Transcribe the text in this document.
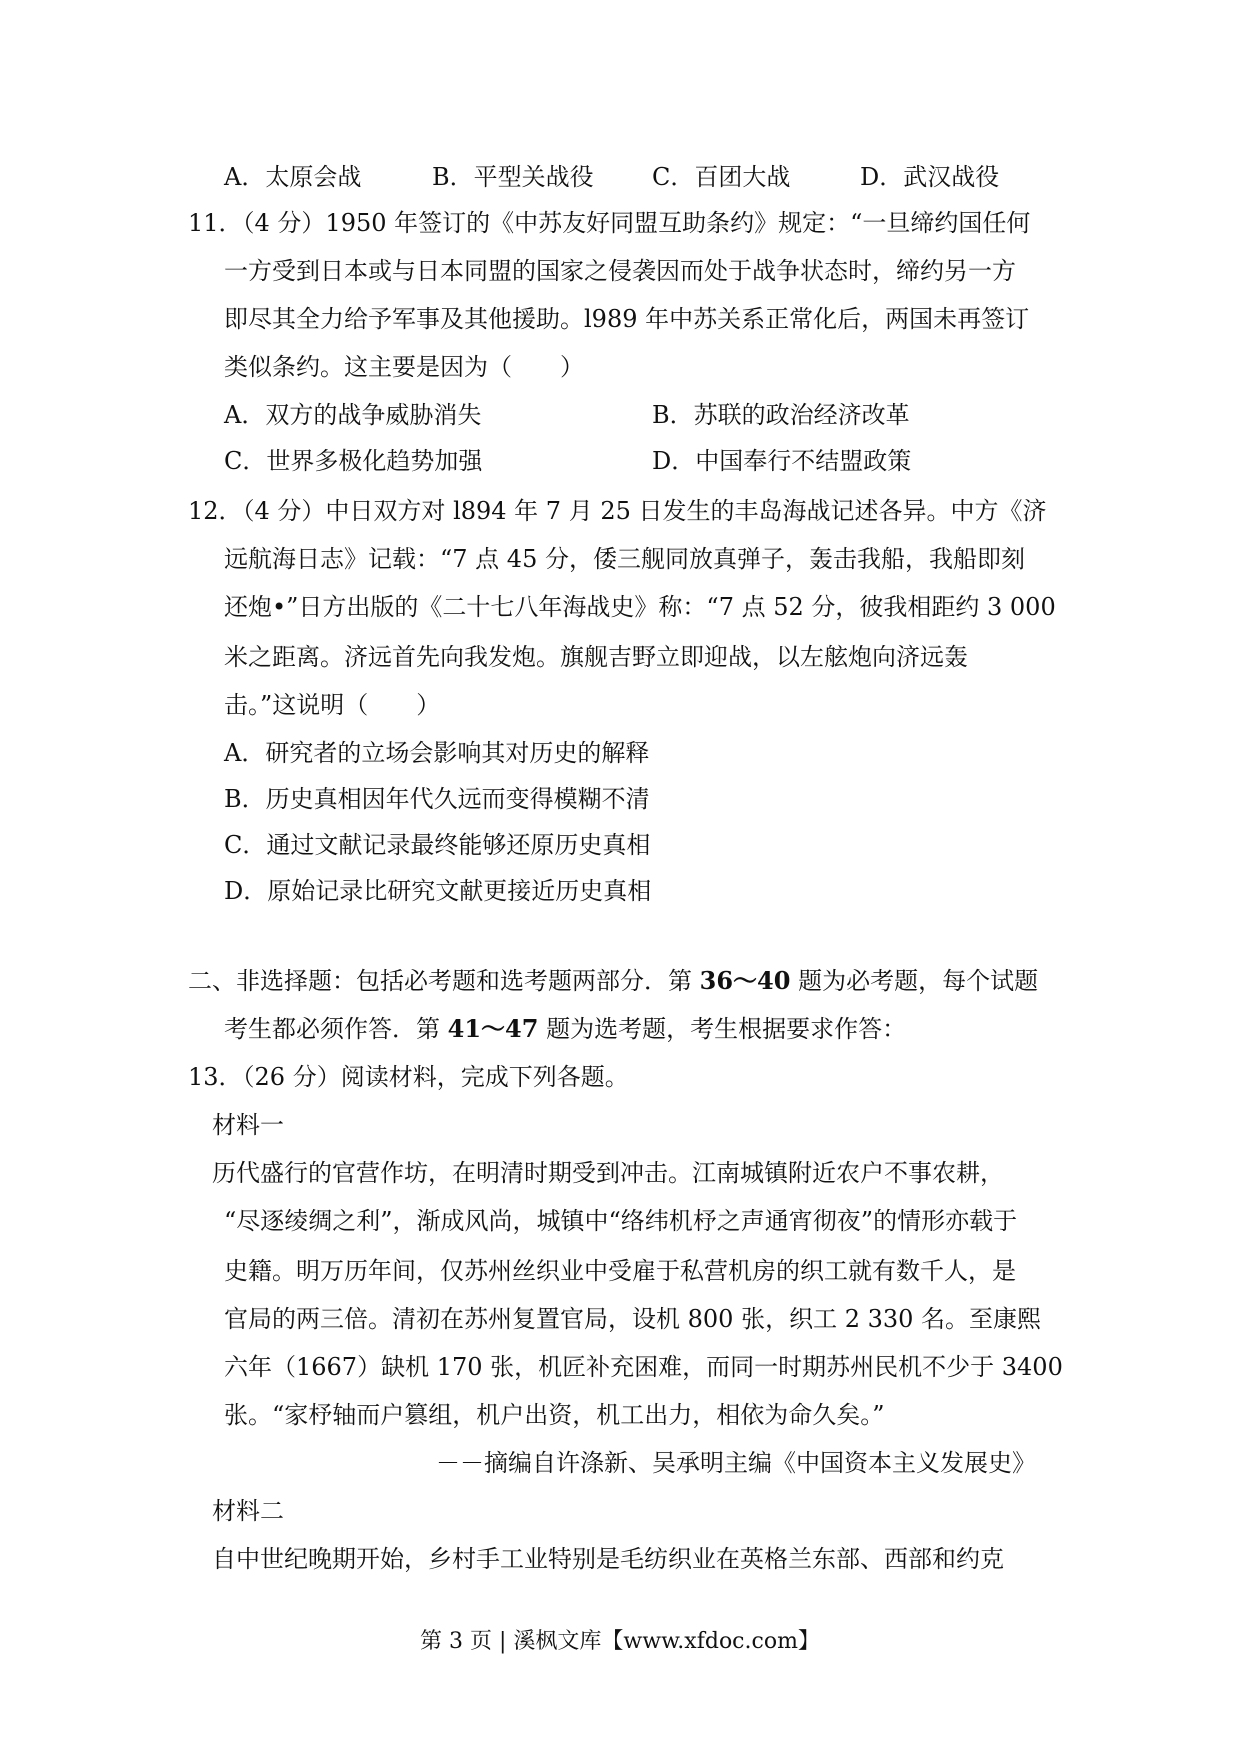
A．太原会战	B．平型关战役 C．百团大战	D．武汉战役
11．（4 分）1950 年签订的《中苏友好同盟互助条约》规定：“一旦缔约国任何
一方受到日本或与日本同盟的国家之侵袭因而处于战争状态时，缔约另一方
即尽其全力给予军事及其他援助。l989 年中苏关系正常化后，两国未再签订
类似条约。这主要是因为（　　）
A．双方的战争威胁消失	B．苏联的政治经济改革
C．世界多极化趋势加强	D．中国奉行不结盟政策
12．（4 分）中日双方对 l894 年 7 月 25 日发生的丰岛海战记述各异。中方《济
远航海日志》记载：“7 点 45 分，倭三舰同放真弹子，轰击我船，我船即刻
还炮•”日方出版的《二十七八年海战史》称：“7 点 52 分，彼我相距约 3 000
米之距离。济远首先向我发炮。旗舰吉野立即迎战，以左舷炮向济远轰
击。”这说明（　　）
A．研究者的立场会影响其对历史的解释
B．历史真相因年代久远而变得模糊不清
C．通过文献记录最终能够还原历史真相
D．原始记录比研究文献更接近历史真相
二、非选择题：包括必考题和选考题两部分．第 36～40 题为必考题，每个试题
考生都必须作答．第 41～47 题为选考题，考生根据要求作答：
13．（26 分）阅读材料，完成下列各题。
材料一
历代盛行的官营作坊，在明清时期受到冲击。江南城镇附近农户不事农耕，
“尽逐绫绸之利”，渐成风尚，城镇中“络纬机杼之声通宵彻夜”的情形亦载于
史籍。明万历年间，仅苏州丝织业中受雇于私营机房的织工就有数千人，是
官局的两三倍。清初在苏州复置官局，设机 800 张，织工 2 330 名。至康熙
六年（1667）缺机 170 张，机匠补充困难，而同一时期苏州民机不少于 3400
张。“家杼轴而户篡组，机户出资，机工出力，相依为命久矣。”
－－摘编自许涤新、吴承明主编《中国资本主义发展史》
材料二
自中世纪晚期开始，乡村手工业特别是毛纺织业在英格兰东部、西部和约克
第 3 页 | 溪枫文库【www.xfdoc.com】
